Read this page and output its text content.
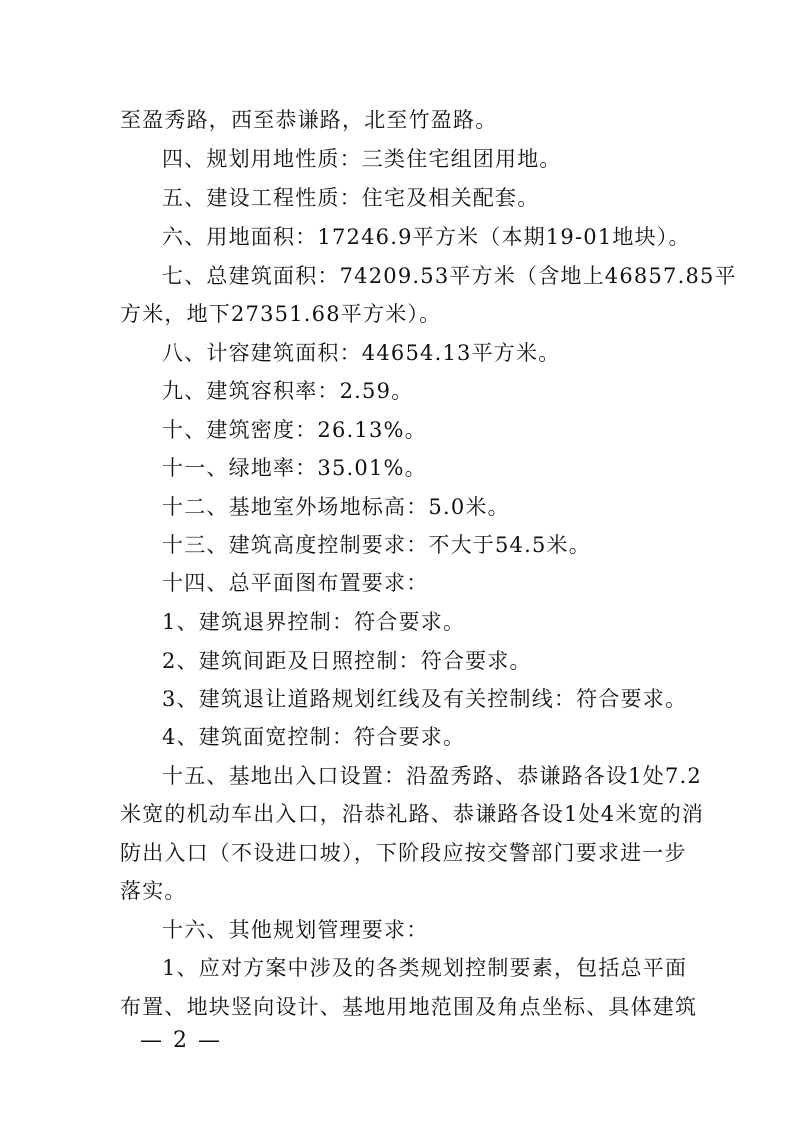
至盈秀路，西至恭谦路，北至竹盈路。
四、规划用地性质：三类住宅组团用地。
五、建设工程性质：住宅及相关配套。
六、用地面积：17246.9平方米（本期19-01地块）。
七、总建筑面积：74209.53平方米（含地上46857.85平
方米，地下27351.68平方米）。
八、计容建筑面积：44654.13平方米。
九、建筑容积率：2.59。
十、建筑密度：26.13%。
十一、绿地率：35.01%。
十二、基地室外场地标高：5.0米。
十三、建筑高度控制要求：不大于54.5米。
十四、总平面图布置要求：
1、建筑退界控制：符合要求。
2、建筑间距及日照控制：符合要求。
3、建筑退让道路规划红线及有关控制线：符合要求。
4、建筑面宽控制：符合要求。
十五、基地出入口设置：沿盈秀路、恭谦路各设1处7.2
米宽的机动车出入口，沿恭礼路、恭谦路各设1处4米宽的消
防出入口（不设进口坡），下阶段应按交警部门要求进一步
落实。
十六、其他规划管理要求：
1、应对方案中涉及的各类规划控制要素，包括总平面
布置、地块竖向设计、基地用地范围及角点坐标、具体建筑
— 2 —
